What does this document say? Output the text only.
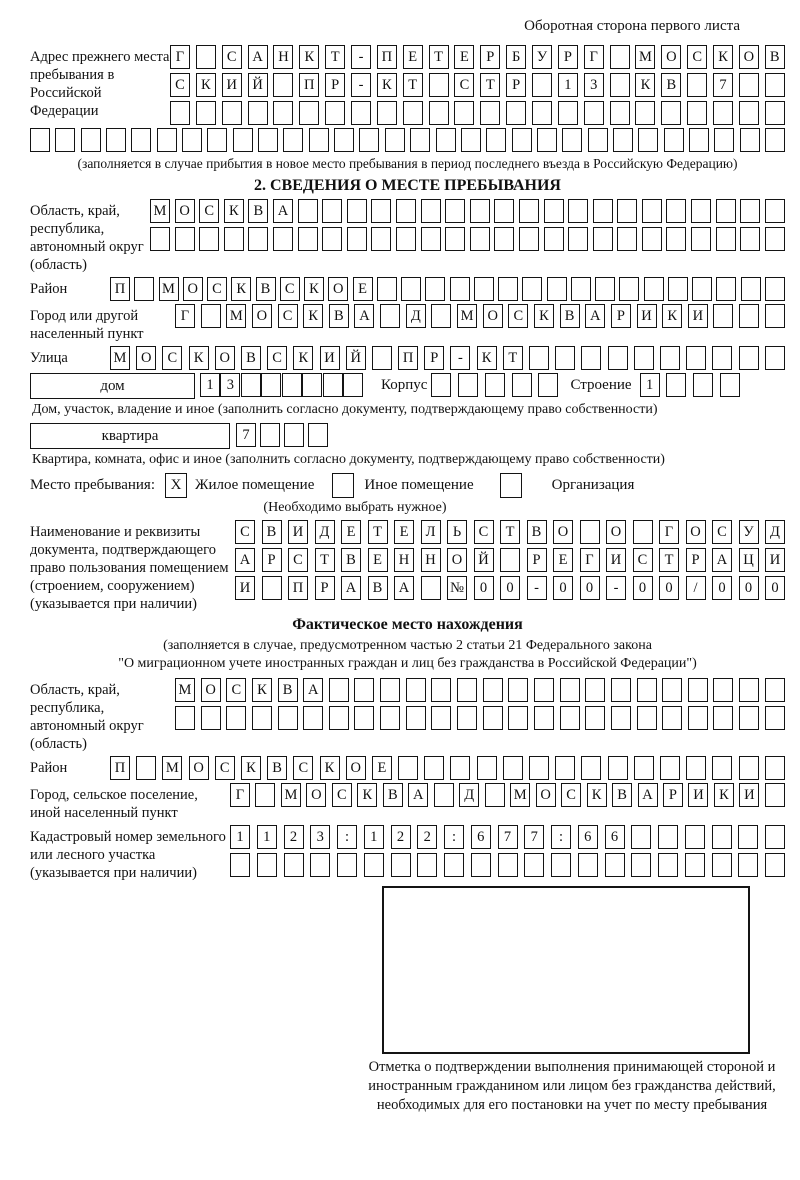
Оборотная сторона первого листа
Адрес прежнего места пребывания в Российской Федерации
Г	С	А	Н	К	Т	-	П	Е	Т	Е	Р	Б	У	Р	Г	М О	С	К	О	В
С	К	И	Й	П	Р	-	К	Т	С	Т	Р	1	3	К	В	7
(заполняется в случае прибытия в новое место пребывания в период последнего въезда в Российскую Федерацию)
2. СВЕДЕНИЯ О МЕСТЕ ПРЕБЫВАНИЯ
Область, край, республика, автономный округ (область)
М О	С	К	В	А
Район	П	М О С	К	В	С	К О	Е
Город или другой населенный пункт
Г	М О	С	К	В	А	Д	М О	С	К	В	А	Р	И	К	И
Улица	М О	С	К	О	В	С	К	И	Й	П	Р	-	К	Т
дом	1 3	Корпус	Строение 1
Дом, участок, владение и иное (заполнить согласно документу, подтверждающему право собственности)
квартира	7
Квартира, комната, офис и иное (заполнить согласно документу, подтверждающему право собственности)
Место пребывания:	X Жилое помещение	Иное помещение	Организация
(Необходимо выбрать нужное)
Наименование и реквизиты документа, подтверждающего право пользования помещением (строением, сооружением) (указывается при наличии)
С	В	И	Д	Е	Т	Е	Л	Ь	С	Т	В	О	О	Г	О	С	У	Д
А	Р	С	Т	В	Е	Н	Н	О	Й	Р	Е	Г	И	С	Т	Р	А	Ц	И
И	П	Р	А	В	А	№	0	0	-	0	0	-	0	0	/	0	0	0
Фактическое место нахождения
(заполняется в случае, предусмотренном частью 2 статьи 21 Федерального закона
"О миграционном учете иностранных граждан и лиц без гражданства в Российской Федерации")
Область, край, республика, автономный округ (область)
М О	С	К	В	А
Район	П	М О	С	К	В	С	К	О	Е
Город, сельское поселение, иной населенный пункт
Г	М О	С	К	В	А	Д	М О	С	К	В	А	Р	И	К	И
Кадастровый номер земельного или лесного участка (указывается при наличии)
1	1	2	3	:	1	2	2	:	6	7	7	:	6	6
Отметка о подтверждении выполнения принимающей стороной и иностранным гражданином или лицом без гражданства действий, необходимых для его постановки на учет по месту пребывания
